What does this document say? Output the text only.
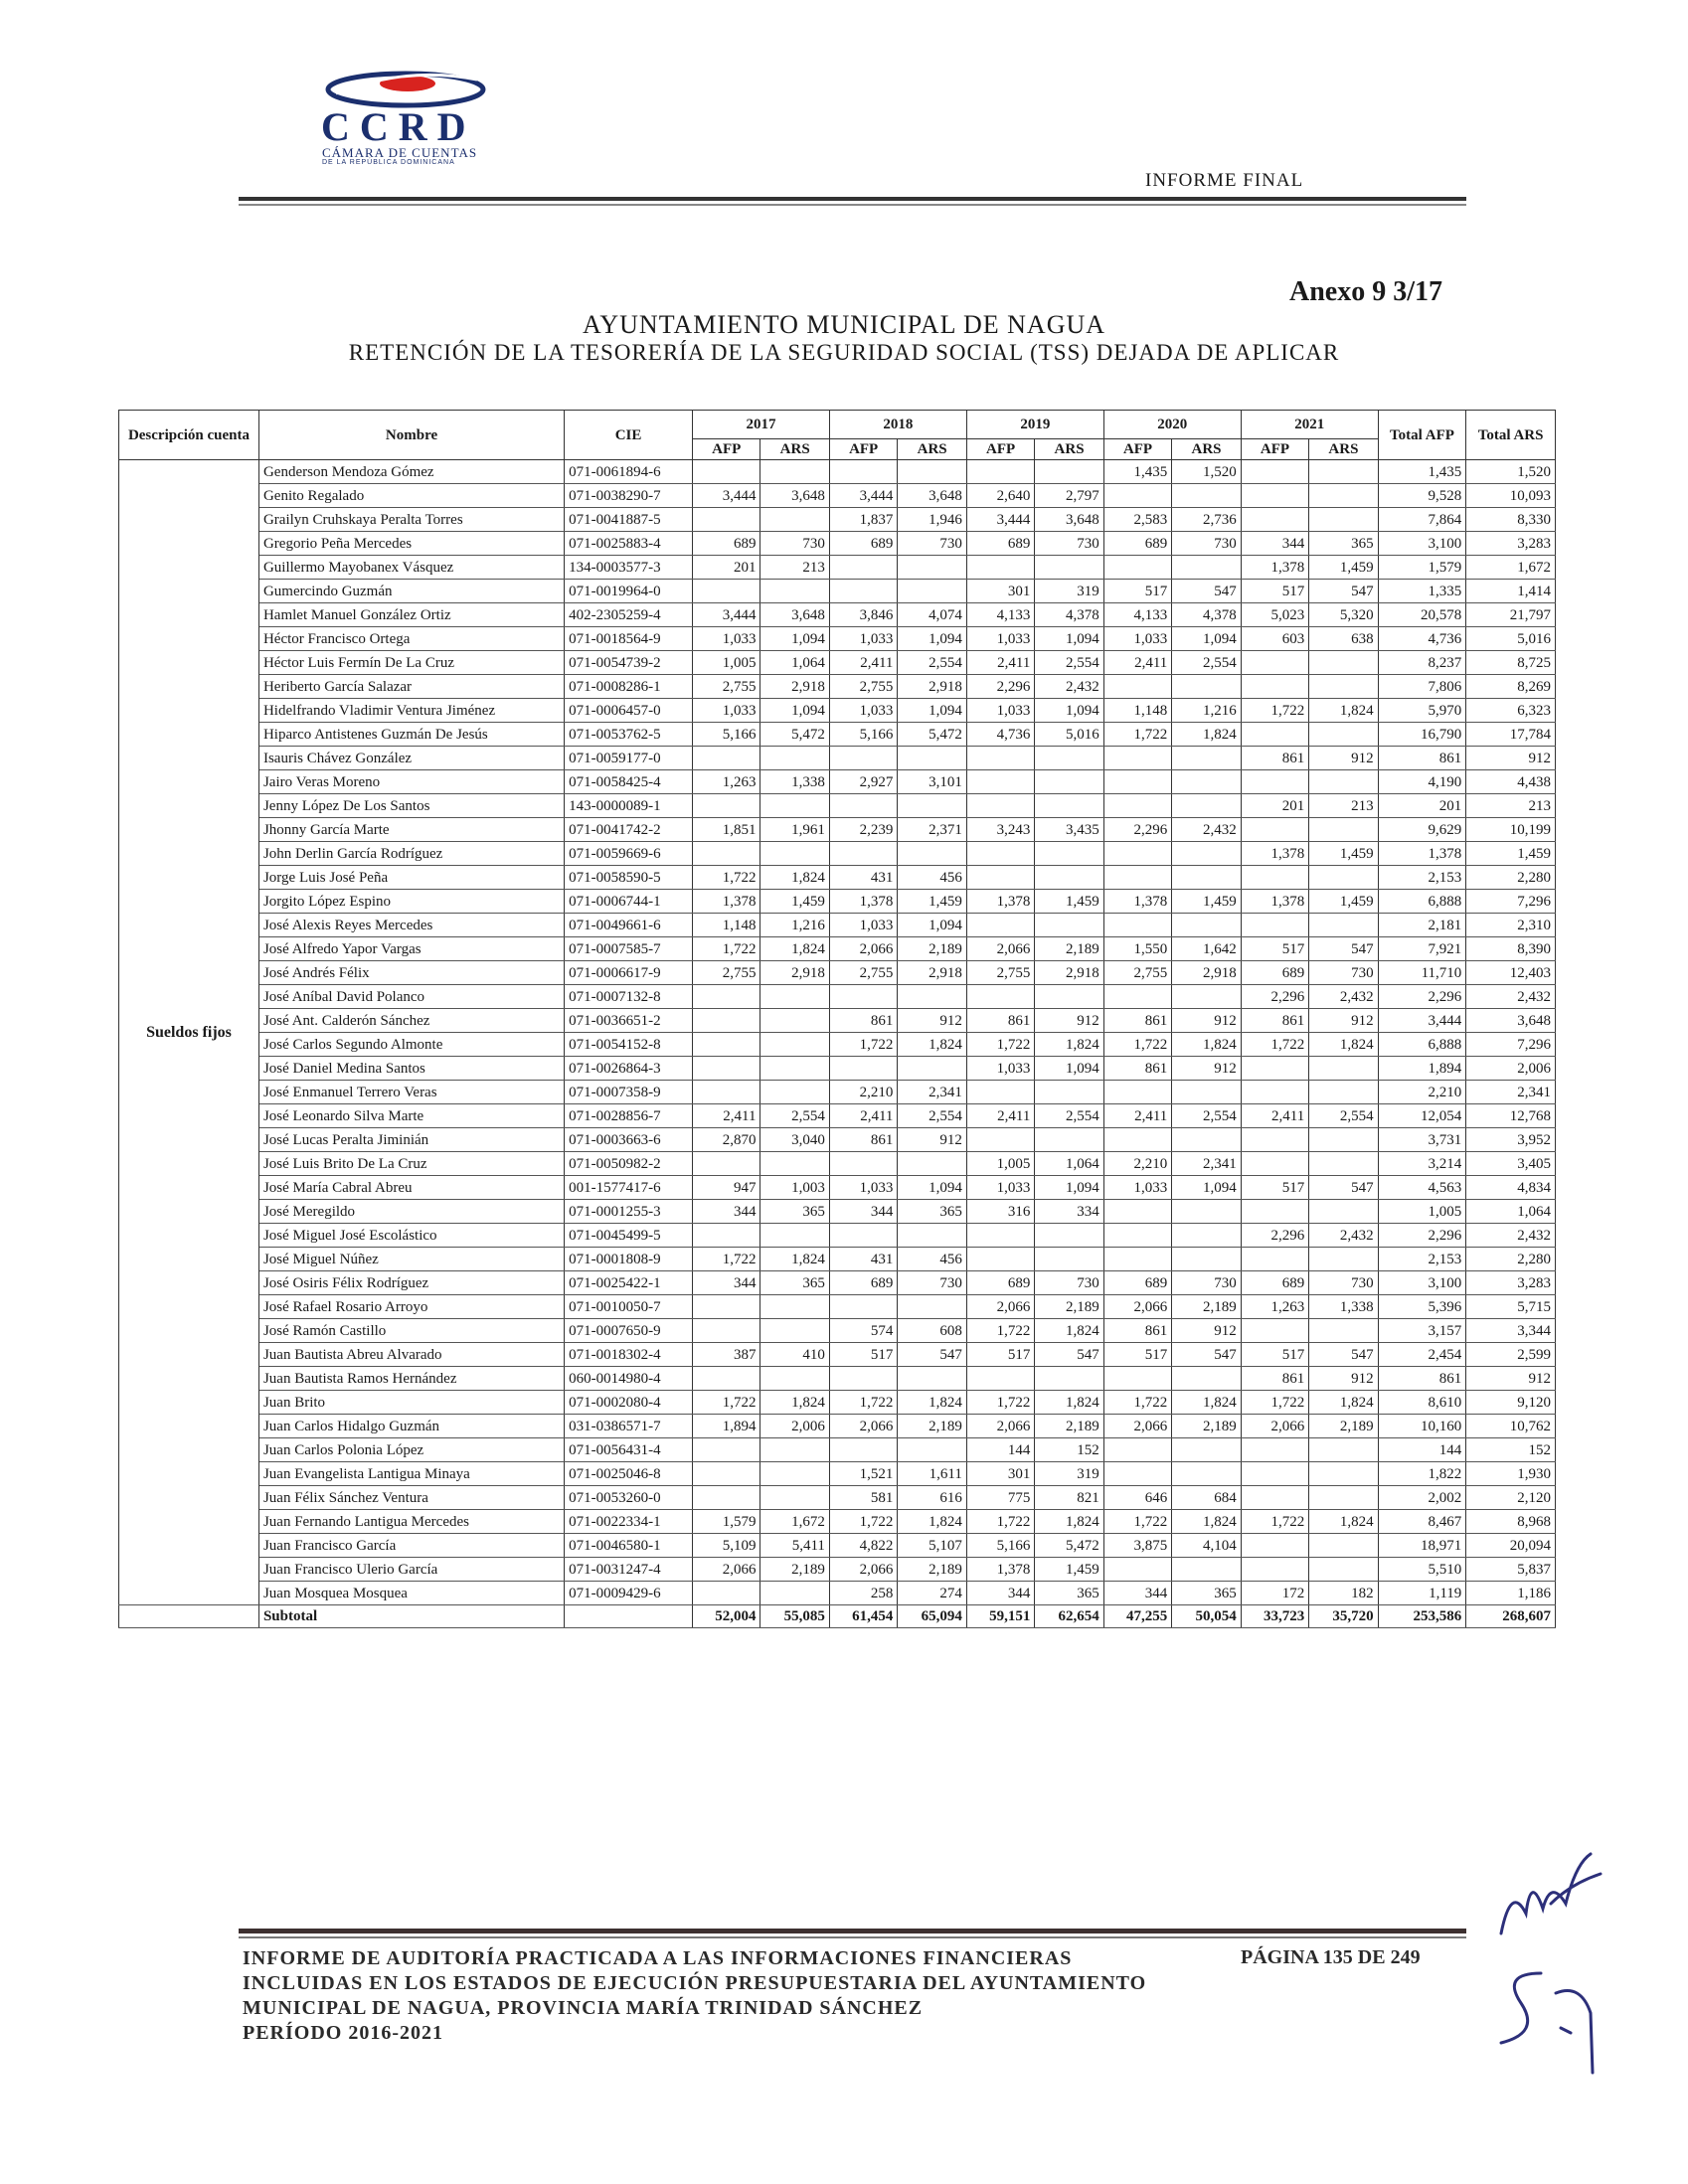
CCRD
CÁMARA DE CUENTAS
DE LA REPÚBLICA DOMINICANA
INFORME FINAL
Anexo 9 3/17
AYUNTAMIENTO MUNICIPAL DE NAGUA
RETENCIÓN DE LA TESORERÍA DE LA SEGURIDAD SOCIAL (TSS) DEJADA DE APLICAR
Descripción cuenta	Nombre	CIE	2017		2018		2019		2020		2021		Total AFP	Total ARS
			AFP	ARS	AFP	ARS	AFP	ARS	AFP	ARS	AFP	ARS		
Sueldos fijos	Genderson Mendoza Gómez	071-0061894-6							1,435	1,520			1,435	1,520
	Genito Regalado	071-0038290-7	3,444	3,648	3,444	3,648	2,640	2,797					9,528	10,093
	Grailyn Cruhskaya Peralta Torres	071-0041887-5			1,837	1,946	3,444	3,648	2,583	2,736			7,864	8,330
	Gregorio Peña Mercedes	071-0025883-4	689	730	689	730	689	730	689	730	344	365	3,100	3,283
	Guillermo Mayobanex Vásquez	134-0003577-3	201	213							1,378	1,459	1,579	1,672
	Gumercindo Guzmán	071-0019964-0					301	319	517	547	517	547	1,335	1,414
	Hamlet Manuel González Ortiz	402-2305259-4	3,444	3,648	3,846	4,074	4,133	4,378	4,133	4,378	5,023	5,320	20,578	21,797
	Héctor Francisco Ortega	071-0018564-9	1,033	1,094	1,033	1,094	1,033	1,094	1,033	1,094	603	638	4,736	5,016
	Héctor Luis Fermín De La Cruz	071-0054739-2	1,005	1,064	2,411	2,554	2,411	2,554	2,411	2,554			8,237	8,725
	Heriberto García Salazar	071-0008286-1	2,755	2,918	2,755	2,918	2,296	2,432					7,806	8,269
	Hidelfrando Vladimir Ventura Jiménez	071-0006457-0	1,033	1,094	1,033	1,094	1,033	1,094	1,148	1,216	1,722	1,824	5,970	6,323
	Hiparco Antistenes Guzmán De Jesús	071-0053762-5	5,166	5,472	5,166	5,472	4,736	5,016	1,722	1,824			16,790	17,784
	Isauris Chávez González	071-0059177-0									861	912	861	912
	Jairo Veras Moreno	071-0058425-4	1,263	1,338	2,927	3,101							4,190	4,438
	Jenny López De Los Santos	143-0000089-1									201	213	201	213
	Jhonny García Marte	071-0041742-2	1,851	1,961	2,239	2,371	3,243	3,435	2,296	2,432			9,629	10,199
	John Derlin García Rodríguez	071-0059669-6									1,378	1,459	1,378	1,459
	Jorge Luis José Peña	071-0058590-5	1,722	1,824	431	456							2,153	2,280
	Jorgito López Espino	071-0006744-1	1,378	1,459	1,378	1,459	1,378	1,459	1,378	1,459	1,378	1,459	6,888	7,296
	José Alexis Reyes Mercedes	071-0049661-6	1,148	1,216	1,033	1,094							2,181	2,310
	José Alfredo Yapor Vargas	071-0007585-7	1,722	1,824	2,066	2,189	2,066	2,189	1,550	1,642	517	547	7,921	8,390
	José Andrés Félix	071-0006617-9	2,755	2,918	2,755	2,918	2,755	2,918	2,755	2,918	689	730	11,710	12,403
	José Aníbal David Polanco	071-0007132-8									2,296	2,432	2,296	2,432
	José Ant. Calderón Sánchez	071-0036651-2			861	912	861	912	861	912	861	912	3,444	3,648
	José Carlos Segundo Almonte	071-0054152-8			1,722	1,824	1,722	1,824	1,722	1,824	1,722	1,824	6,888	7,296
	José Daniel Medina Santos	071-0026864-3					1,033	1,094	861	912			1,894	2,006
	José Enmanuel Terrero Veras	071-0007358-9			2,210	2,341							2,210	2,341
	José Leonardo Silva Marte	071-0028856-7	2,411	2,554	2,411	2,554	2,411	2,554	2,411	2,554	2,411	2,554	12,054	12,768
	José Lucas Peralta Jiminián	071-0003663-6	2,870	3,040	861	912							3,731	3,952
	José Luis Brito De La Cruz	071-0050982-2					1,005	1,064	2,210	2,341			3,214	3,405
	José María Cabral Abreu	001-1577417-6	947	1,003	1,033	1,094	1,033	1,094	1,033	1,094	517	547	4,563	4,834
	José Meregildo	071-0001255-3	344	365	344	365	316	334					1,005	1,064
	José Miguel José Escolástico	071-0045499-5									2,296	2,432	2,296	2,432
	José Miguel Núñez	071-0001808-9	1,722	1,824	431	456							2,153	2,280
	José Osiris Félix Rodríguez	071-0025422-1	344	365	689	730	689	730	689	730	689	730	3,100	3,283
	José Rafael Rosario Arroyo	071-0010050-7					2,066	2,189	2,066	2,189	1,263	1,338	5,396	5,715
	José Ramón Castillo	071-0007650-9			574	608	1,722	1,824	861	912			3,157	3,344
	Juan Bautista Abreu Alvarado	071-0018302-4	387	410	517	547	517	547	517	547	517	547	2,454	2,599
	Juan Bautista Ramos Hernández	060-0014980-4									861	912	861	912
	Juan Brito	071-0002080-4	1,722	1,824	1,722	1,824	1,722	1,824	1,722	1,824	1,722	1,824	8,610	9,120
	Juan Carlos Hidalgo Guzmán	031-0386571-7	1,894	2,006	2,066	2,189	2,066	2,189	2,066	2,189	2,066	2,189	10,160	10,762
	Juan Carlos Polonia López	071-0056431-4					144	152					144	152
	Juan Evangelista Lantigua Minaya	071-0025046-8			1,521	1,611	301	319					1,822	1,930
	Juan Félix Sánchez Ventura	071-0053260-0			581	616	775	821	646	684			2,002	2,120
	Juan Fernando Lantigua Mercedes	071-0022334-1	1,579	1,672	1,722	1,824	1,722	1,824	1,722	1,824	1,722	1,824	8,467	8,968
	Juan Francisco García	071-0046580-1	5,109	5,411	4,822	5,107	5,166	5,472	3,875	4,104			18,971	20,094
	Juan Francisco Ulerio García	071-0031247-4	2,066	2,189	2,066	2,189	1,378	1,459					5,510	5,837
	Juan Mosquea Mosquea	071-0009429-6			258	274	344	365	344	365	172	182	1,119	1,186
	Subtotal		52,004	55,085	61,454	65,094	59,151	62,654	47,255	50,054	33,723	35,720	253,586	268,607
INFORME DE AUDITORÍA PRACTICADA A LAS INFORMACIONES FINANCIERAS
INCLUIDAS EN LOS ESTADOS DE EJECUCIÓN PRESUPUESTARIA DEL AYUNTAMIENTO
MUNICIPAL DE NAGUA, PROVINCIA MARÍA TRINIDAD SÁNCHEZ
PERÍODO 2016-2021
PÁGINA 135 DE 249
